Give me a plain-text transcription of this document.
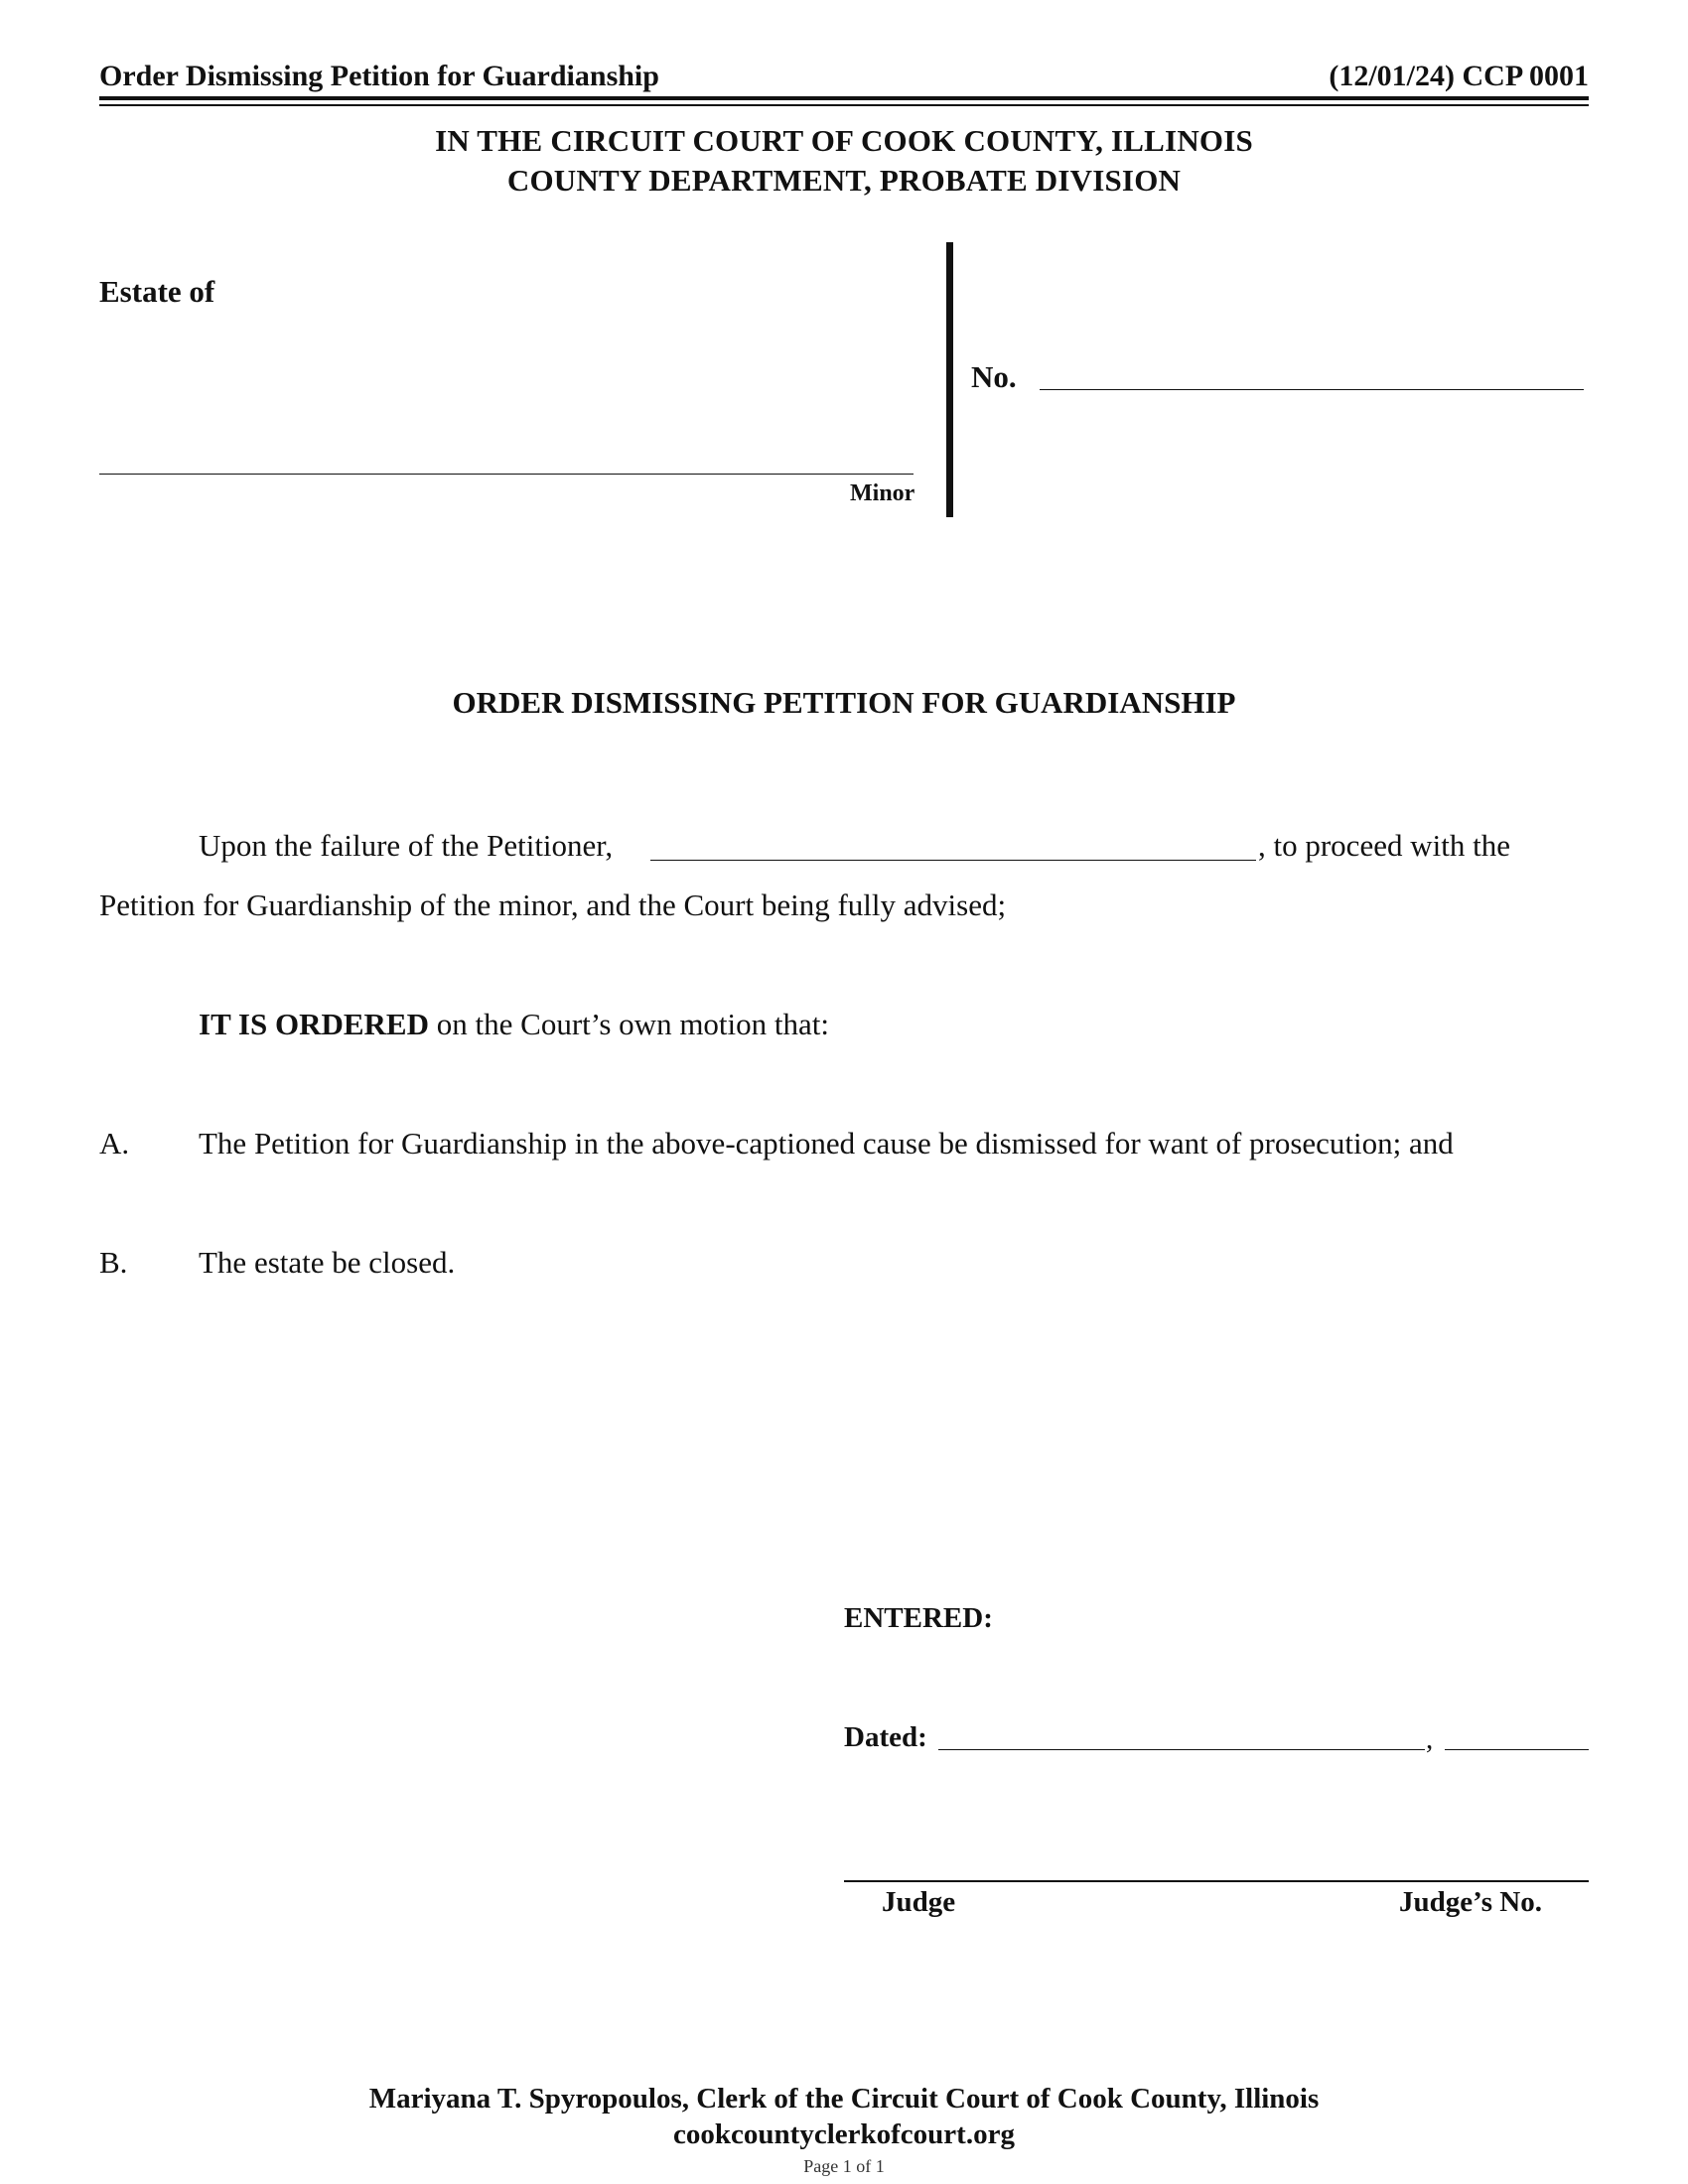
Order Dismissing Petition for Guardianship	(12/01/24) CCP 0001
IN THE CIRCUIT COURT OF COOK COUNTY, ILLINOIS
COUNTY DEPARTMENT, PROBATE DIVISION
Estate of
Minor
No.
ORDER DISMISSING PETITION FOR GUARDIANSHIP
Upon the failure of the Petitioner,	, to proceed with the
Petition for Guardianship of the minor, and the Court being fully advised;
IT IS ORDERED on the Court’s own motion that:
A. The Petition for Guardianship in the above-captioned cause be dismissed for want of prosecution; and
B. The estate be closed.
ENTERED:
Dated:	,
Judge	Judge’s No.
Mariyana T. Spyropoulos, Clerk of the Circuit Court of Cook County, Illinois
cookcountyclerkofcourt.org
Page 1 of 1
